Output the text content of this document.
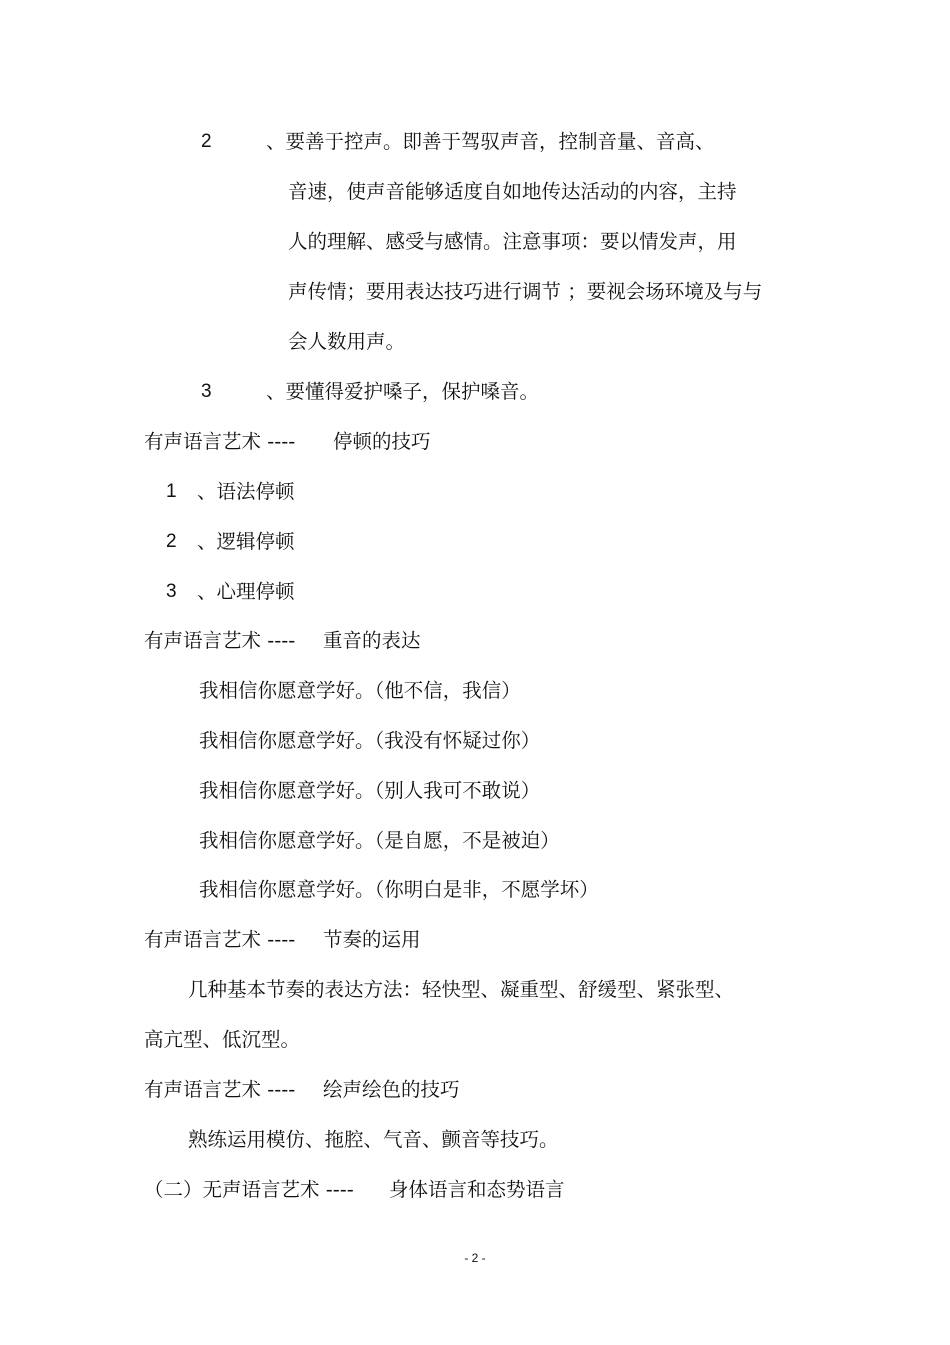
2	、要善于控声。即善于驾驭声音，控制音量、音高、
音速，使声音能够适度自如地传达活动的内容，主持
人的理解、感受与感情。注意事项：要以情发声，用
声传情；要用表达技巧进行调节 ；要视会场环境及与与
会人数用声。
3	、要懂得爱护嗓子，保护嗓音。
有声语言艺术 ---- 停顿的技巧
1 、语法停顿
2 、逻辑停顿
3 、心理停顿
有声语言艺术 ---- 重音的表达
我相信你愿意学好。（他不信，我信）
我相信你愿意学好。（我没有怀疑过你）
我相信你愿意学好。（别人我可不敢说）
我相信你愿意学好。（是自愿，不是被迫）
我相信你愿意学好。（你明白是非，不愿学坏）
有声语言艺术 ---- 节奏的运用
几种基本节奏的表达方法：轻快型、凝重型、舒缓型、紧张型、
高亢型、低沉型。
有声语言艺术 ---- 绘声绘色的技巧
熟练运用模仿、拖腔、气音、颤音等技巧。
（二）无声语言艺术 ---- 身体语言和态势语言
- 2 -
